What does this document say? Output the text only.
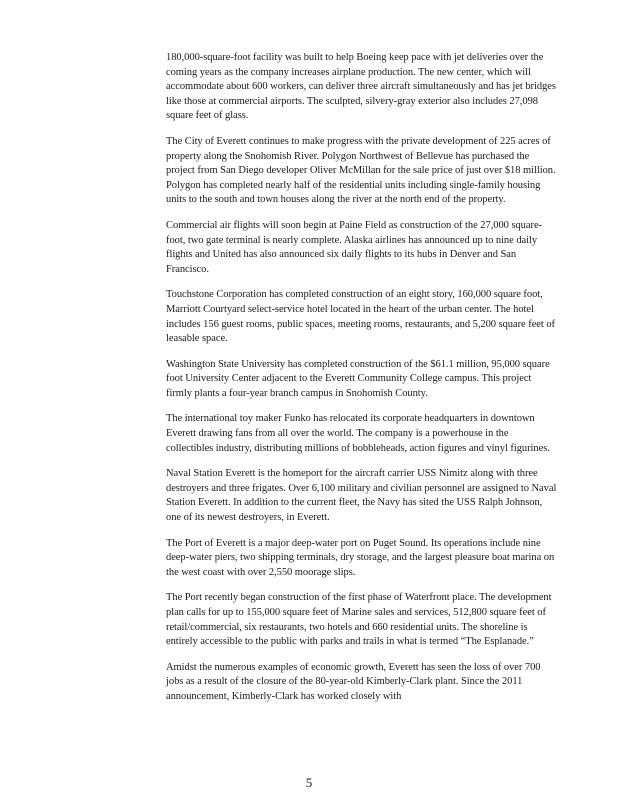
180,000-square-foot facility was built to help Boeing keep pace with jet deliveries over the coming years as the company increases airplane production. The new center, which will accommodate about 600 workers, can deliver three aircraft simultaneously and has jet bridges like those at commercial airports. The sculpted, silvery-gray exterior also includes 27,098 square feet of glass.

The City of Everett continues to make progress with the private development of 225 acres of property along the Snohomish River. Polygon Northwest of Bellevue has purchased the project from San Diego developer Oliver McMillan for the sale price of just over $18 million. Polygon has completed nearly half of the residential units including single-family housing units to the south and town houses along the river at the north end of the property.

Commercial air flights will soon begin at Paine Field as construction of the 27,000 square-foot, two gate terminal is nearly complete. Alaska airlines has announced up to nine daily flights and United has also announced six daily flights to its hubs in Denver and San Francisco.

Touchstone Corporation has completed construction of an eight story, 160,000 square foot, Marriott Courtyard select-service hotel located in the heart of the urban center. The hotel includes 156 guest rooms, public spaces, meeting rooms, restaurants, and 5,200 square feet of leasable space.

Washington State University has completed construction of the $61.1 million, 95,000 square foot University Center adjacent to the Everett Community College campus. This project firmly plants a four-year branch campus in Snohomish County.

The international toy maker Funko has relocated its corporate headquarters in downtown Everett drawing fans from all over the world. The company is a powerhouse in the collectibles industry, distributing millions of bobbleheads, action figures and vinyl figurines.

Naval Station Everett is the homeport for the aircraft carrier USS Nimitz along with three destroyers and three frigates. Over 6,100 military and civilian personnel are assigned to Naval Station Everett. In addition to the current fleet, the Navy has sited the USS Ralph Johnson, one of its newest destroyers, in Everett.

The Port of Everett is a major deep-water port on Puget Sound. Its operations include nine deep-water piers, two shipping terminals, dry storage, and the largest pleasure boat marina on the west coast with over 2,550 moorage slips.

The Port recently began construction of the first phase of Waterfront place. The development plan calls for up to 155,000 square feet of Marine sales and services, 512,800 square feet of retail/commercial, six restaurants, two hotels and 660 residential units. The shoreline is entirely accessible to the public with parks and trails in what is termed “The Esplanade.”

Amidst the numerous examples of economic growth, Everett has seen the loss of over 700 jobs as a result of the closure of the 80-year-old Kimberly-Clark plant. Since the 2011 announcement, Kimberly-Clark has worked closely with

5
